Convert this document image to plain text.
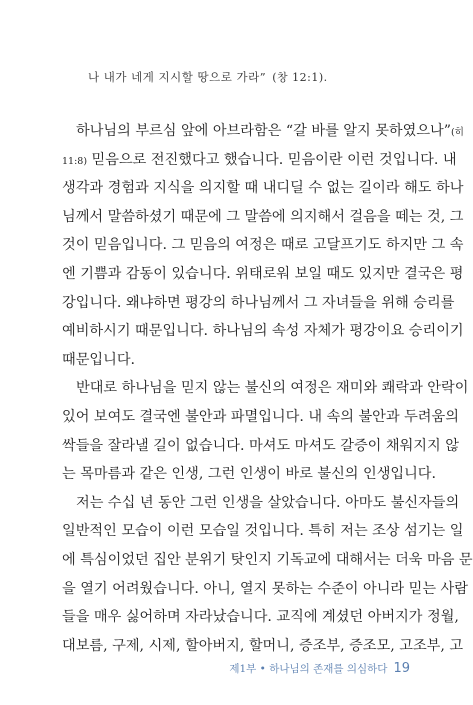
나 내가 네게 지시할 땅으로 가라” (창 12:1).
하나님의 부르심 앞에 아브라함은 “갈 바를 알지 못하였으나”(히
11:8) 믿음으로 전진했다고 했습니다. 믿음이란 이런 것입니다. 내
생각과 경험과 지식을 의지할 때 내디딜 수 없는 길이라 해도 하나
님께서 말씀하셨기 때문에 그 말씀에 의지해서 걸음을 떼는 것, 그
것이 믿음입니다. 그 믿음의 여정은 때로 고달프기도 하지만 그 속
엔 기쁨과 감동이 있습니다. 위태로워 보일 때도 있지만 결국은 평
강입니다. 왜냐하면 평강의 하나님께서 그 자녀들을 위해 승리를
예비하시기 때문입니다. 하나님의 속성 자체가 평강이요 승리이기
때문입니다.
반대로 하나님을 믿지 않는 불신의 여정은 재미와 쾌락과 안락이
있어 보여도 결국엔 불안과 파멸입니다. 내 속의 불안과 두려움의
싹들을 잘라낼 길이 없습니다. 마셔도 마셔도 갈증이 채워지지 않
는 목마름과 같은 인생, 그런 인생이 바로 불신의 인생입니다.
저는 수십 년 동안 그런 인생을 살았습니다. 아마도 불신자들의
일반적인 모습이 이런 모습일 것입니다. 특히 저는 조상 섬기는 일
에 특심이었던 집안 분위기 탓인지 기독교에 대해서는 더욱 마음 문
을 열기 어려웠습니다. 아니, 열지 못하는 수준이 아니라 믿는 사람
들을 매우 싫어하며 자라났습니다. 교직에 계셨던 아버지가 정월,
대보름, 구제, 시제, 할아버지, 할머니, 증조부, 증조모, 고조부, 고
제1부 • 하나님의 존재를 의심하다 19
